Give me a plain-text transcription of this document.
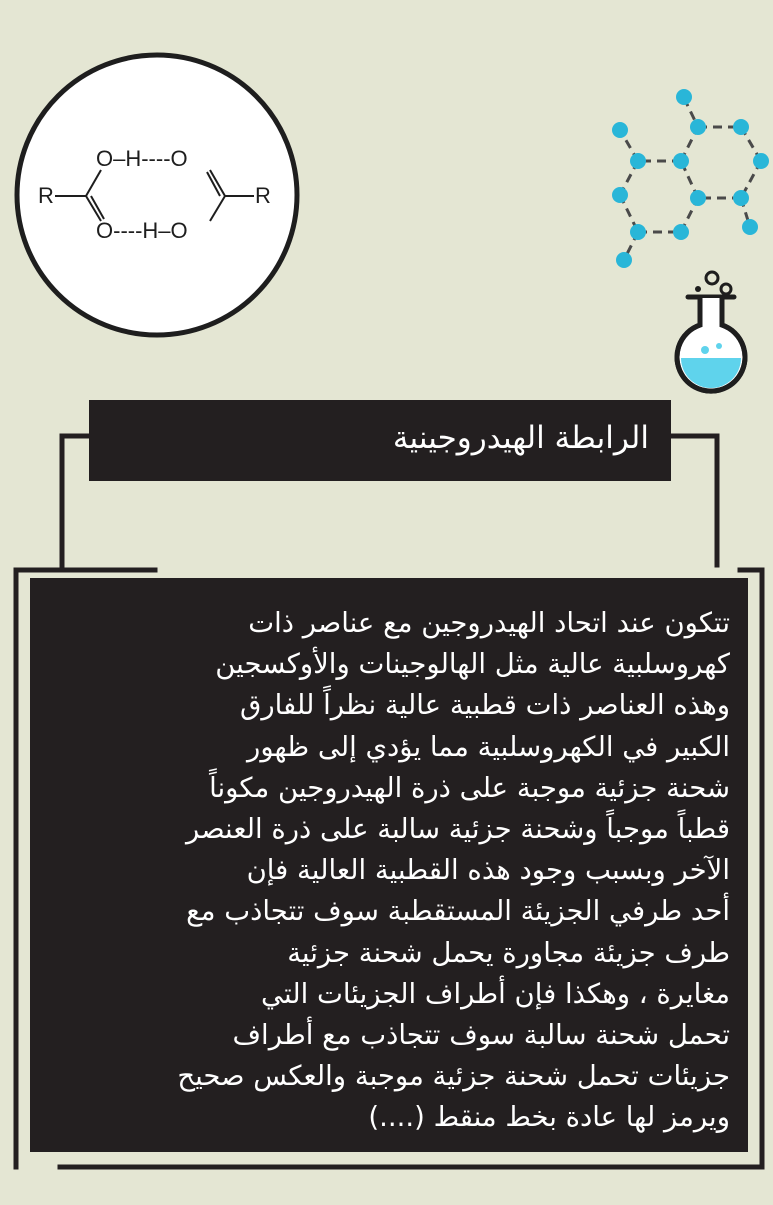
R	R
O–H----O
O----H–O
الرابطة الهيدروجينية
تتكون عند اتحاد الهيدروجين مع عناصر ذات
كهروسلبية عالية مثل الهالوجينات والأوكسجين
وهذه العناصر ذات قطبية عالية نظراً للفارق
الكبير في الكهروسلبية مما يؤدي إلى ظهور
شحنة جزئية موجبة على ذرة الهيدروجين مكوناً
قطباً موجباً وشحنة جزئية سالبة على ذرة العنصر
الآخر وبسبب وجود هذه القطبية العالية فإن
أحد طرفي الجزيئة المستقطبة سوف تتجاذب مع
طرف جزيئة مجاورة يحمل شحنة جزئية
مغايرة ، وهكذا فإن أطراف الجزيئات التي
تحمل شحنة سالبة سوف تتجاذب مع أطراف
جزيئات تحمل شحنة جزئية موجبة والعكس صحيح
ويرمز لها عادة بخط منقط (....)
